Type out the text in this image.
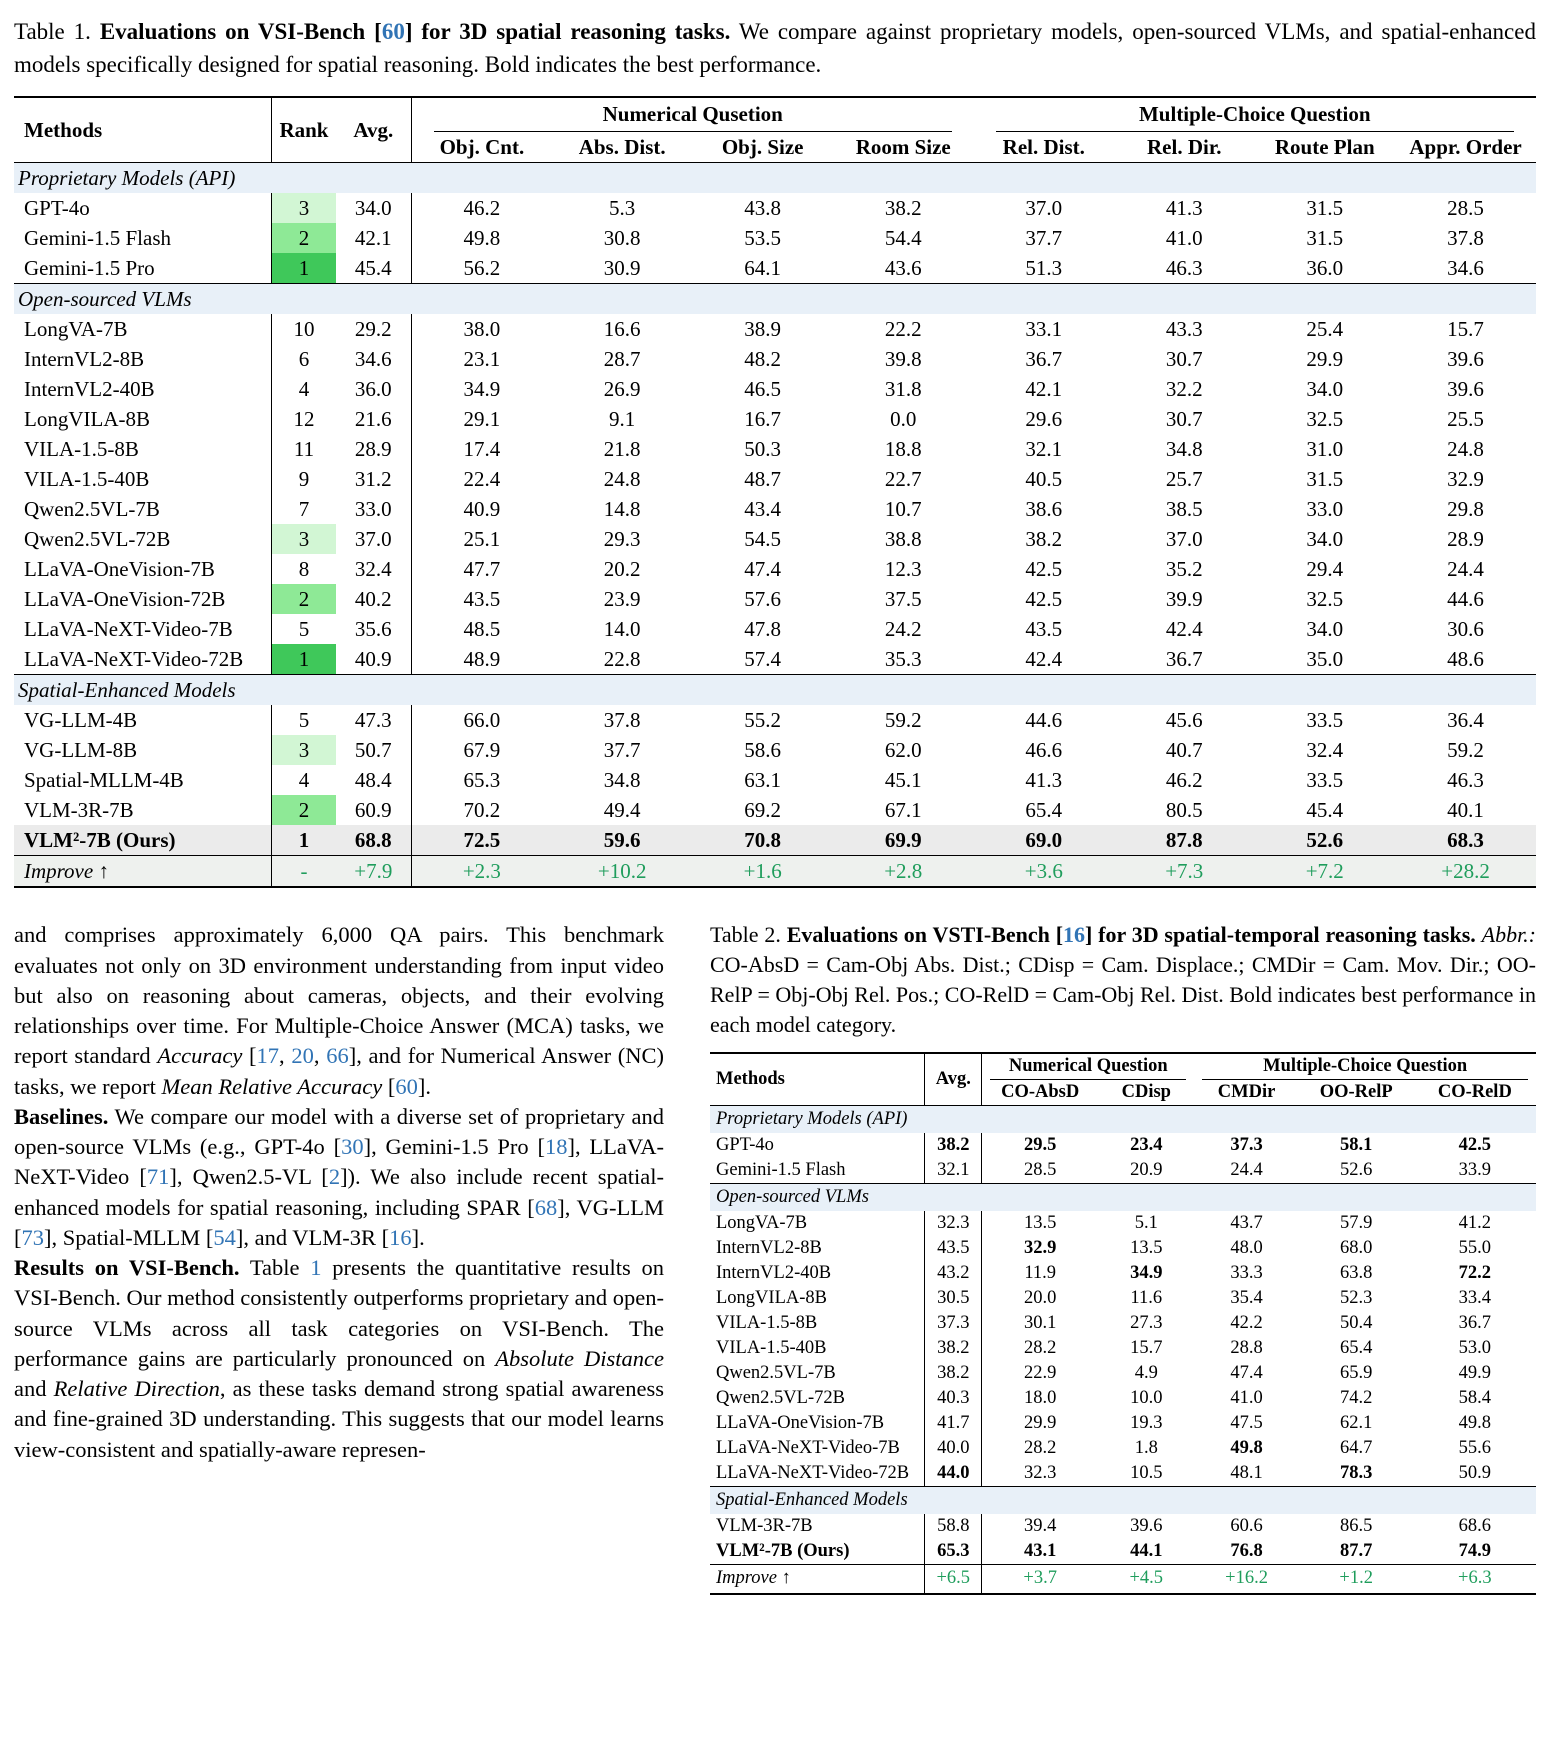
Table 1. Evaluations on VSI-Bench [60] for 3D spatial reasoning tasks. We compare against proprietary models, open-sourced VLMs, and spatial-enhanced models specifically designed for spatial reasoning. Bold indicates the best performance.

Methods	Rank	Avg.	Numerical Qusetion				Multiple-Choice Question			

			Obj. Cnt.	Abs. Dist.	Obj. Size	Room Size	Rel. Dist.	Rel. Dir.	Route Plan	Appr. Order
Proprietary Models (API)										
GPT-4o	3	34.0	46.2	5.3	43.8	38.2	37.0	41.3	31.5	28.5
Gemini-1.5 Flash	2	42.1	49.8	30.8	53.5	54.4	37.7	41.0	31.5	37.8
Gemini-1.5 Pro	1	45.4	56.2	30.9	64.1	43.6	51.3	46.3	36.0	34.6
Open-sourced VLMs										
LongVA-7B	10	29.2	38.0	16.6	38.9	22.2	33.1	43.3	25.4	15.7
InternVL2-8B	6	34.6	23.1	28.7	48.2	39.8	36.7	30.7	29.9	39.6
InternVL2-40B	4	36.0	34.9	26.9	46.5	31.8	42.1	32.2	34.0	39.6
LongVILA-8B	12	21.6	29.1	9.1	16.7	0.0	29.6	30.7	32.5	25.5
VILA-1.5-8B	11	28.9	17.4	21.8	50.3	18.8	32.1	34.8	31.0	24.8
VILA-1.5-40B	9	31.2	22.4	24.8	48.7	22.7	40.5	25.7	31.5	32.9
Qwen2.5VL-7B	7	33.0	40.9	14.8	43.4	10.7	38.6	38.5	33.0	29.8
Qwen2.5VL-72B	3	37.0	25.1	29.3	54.5	38.8	38.2	37.0	34.0	28.9
LLaVA-OneVision-7B	8	32.4	47.7	20.2	47.4	12.3	42.5	35.2	29.4	24.4
LLaVA-OneVision-72B	2	40.2	43.5	23.9	57.6	37.5	42.5	39.9	32.5	44.6
LLaVA-NeXT-Video-7B	5	35.6	48.5	14.0	47.8	24.2	43.5	42.4	34.0	30.6
LLaVA-NeXT-Video-72B	1	40.9	48.9	22.8	57.4	35.3	42.4	36.7	35.0	48.6
Spatial-Enhanced Models										
VG-LLM-4B	5	47.3	66.0	37.8	55.2	59.2	44.6	45.6	33.5	36.4
VG-LLM-8B	3	50.7	67.9	37.7	58.6	62.0	46.6	40.7	32.4	59.2
Spatial-MLLM-4B	4	48.4	65.3	34.8	63.1	45.1	41.3	46.2	33.5	46.3
VLM-3R-7B	2	60.9	70.2	49.4	69.2	67.1	65.4	80.5	45.4	40.1
VLM²-7B (Ours)	1	68.8	72.5	59.6	70.8	69.9	69.0	87.8	52.6	68.3
Improve ↑	-	+7.9	+2.3	+10.2	+1.6	+2.8	+3.6	+7.3	+7.2	+28.2

and comprises approximately 6,000 QA pairs. This benchmark evaluates not only on 3D environment understanding from input video but also on reasoning about cameras, objects, and their evolving relationships over time. For Multiple-Choice Answer (MCA) tasks, we report standard Accuracy [17, 20, 66], and for Numerical Answer (NC) tasks, we report Mean Relative Accuracy [60].

Baselines. We compare our model with a diverse set of proprietary and open-source VLMs (e.g., GPT-4o [30], Gemini-1.5 Pro [18], LLaVA-NeXT-Video [71], Qwen2.5-VL [2]). We also include recent spatial-enhanced models for spatial reasoning, including SPAR [68], VG-LLM [73], Spatial-MLLM [54], and VLM-3R [16].

Results on VSI-Bench. Table 1 presents the quantitative results on VSI-Bench. Our method consistently outperforms proprietary and open-source VLMs across all task categories on VSI-Bench. The performance gains are particularly pronounced on Absolute Distance and Relative Direction, as these tasks demand strong spatial awareness and fine-grained 3D understanding. This suggests that our model learns view-consistent and spatially-aware represen-

Table 2. Evaluations on VSTI-Bench [16] for 3D spatial-temporal reasoning tasks. Abbr.: CO-AbsD = Cam-Obj Abs. Dist.; CDisp = Cam. Displace.; CMDir = Cam. Mov. Dir.; OO-RelP = Obj-Obj Rel. Pos.; CO-RelD = Cam-Obj Rel. Dist. Bold indicates best performance in each model category.

Methods	Avg.	Numerical Question		Multiple-Choice Question		

		CO-AbsD	CDisp	CMDir	OO-RelP	CO-RelD
Proprietary Models (API)						
GPT-4o	38.2	29.5	23.4	37.3	58.1	42.5
Gemini-1.5 Flash	32.1	28.5	20.9	24.4	52.6	33.9
Open-sourced VLMs						
LongVA-7B	32.3	13.5	5.1	43.7	57.9	41.2
InternVL2-8B	43.5	32.9	13.5	48.0	68.0	55.0
InternVL2-40B	43.2	11.9	34.9	33.3	63.8	72.2
LongVILA-8B	30.5	20.0	11.6	35.4	52.3	33.4
VILA-1.5-8B	37.3	30.1	27.3	42.2	50.4	36.7
VILA-1.5-40B	38.2	28.2	15.7	28.8	65.4	53.0
Qwen2.5VL-7B	38.2	22.9	4.9	47.4	65.9	49.9
Qwen2.5VL-72B	40.3	18.0	10.0	41.0	74.2	58.4
LLaVA-OneVision-7B	41.7	29.9	19.3	47.5	62.1	49.8
LLaVA-NeXT-Video-7B	40.0	28.2	1.8	49.8	64.7	55.6
LLaVA-NeXT-Video-72B	44.0	32.3	10.5	48.1	78.3	50.9
Spatial-Enhanced Models						
VLM-3R-7B	58.8	39.4	39.6	60.6	86.5	68.6
VLM²-7B (Ours)	65.3	43.1	44.1	76.8	87.7	74.9
Improve ↑	+6.5	+3.7	+4.5	+16.2	+1.2	+6.3
